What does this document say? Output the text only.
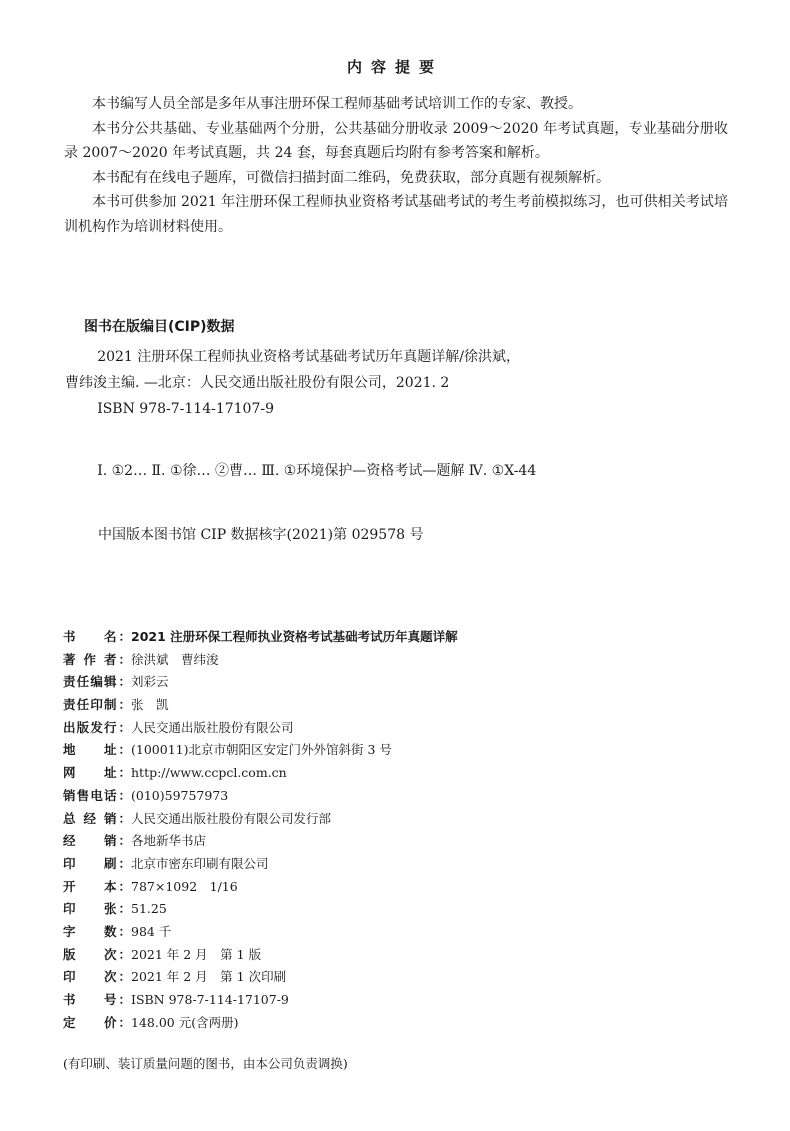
内容提要

本书编写人员全部是多年从事注册环保工程师基础考试培训工作的专家、教授。

本书分公共基础、专业基础两个分册，公共基础分册收录 2009～2020 年考试真题，专业基础分册收录 2007～2020 年考试真题，共 24 套，每套真题后均附有参考答案和解析。

本书配有在线电子题库，可微信扫描封面二维码，免费获取，部分真题有视频解析。

本书可供参加 2021 年注册环保工程师执业资格考试基础考试的考生考前模拟练习，也可供相关考试培训机构作为培训材料使用。

图书在版编目(CIP)数据

2021 注册环保工程师执业资格考试基础考试历年真题详解/徐洪斌，曹纬浚主编. —北京：人民交通出版社股份有限公司，2021. 2

ISBN 978-7-114-17107-9

Ⅰ. ①2… Ⅱ. ①徐… ②曹… Ⅲ. ①环境保护—资格考试—题解 Ⅳ. ①X-44

中国版本图书馆 CIP 数据核字(2021)第 029578 号
书 名 ： 2021 注册环保工程师执业资格考试基础考试历年真题详解
著 作 者 ： 徐洪斌　曹纬浚
责 任 编 辑 ： 刘彩云
责 任 印 制 ： 张　凯
出 版 发 行 ： 人民交通出版社股份有限公司
地 址 ： (100011)北京市朝阳区安定门外外馆斜街 3 号
网 址 ： http://www.ccpcl.com.cn
销 售 电 话 ： (010)59757973
总 经 销 ： 人民交通出版社股份有限公司发行部
经 销 ： 各地新华书店
印 刷 ： 北京市密东印刷有限公司
开 本 ： 787×1092　1/16
印 张 ： 51.25
字 数 ： 984 千
版 次 ： 2021 年 2 月　第 1 版
印 次 ： 2021 年 2 月　第 1 次印刷
书 号 ： ISBN 978-7-114-17107-9
定 价 ： 148.00 元(含两册)
(有印刷、装订质量问题的图书，由本公司负责调换)
